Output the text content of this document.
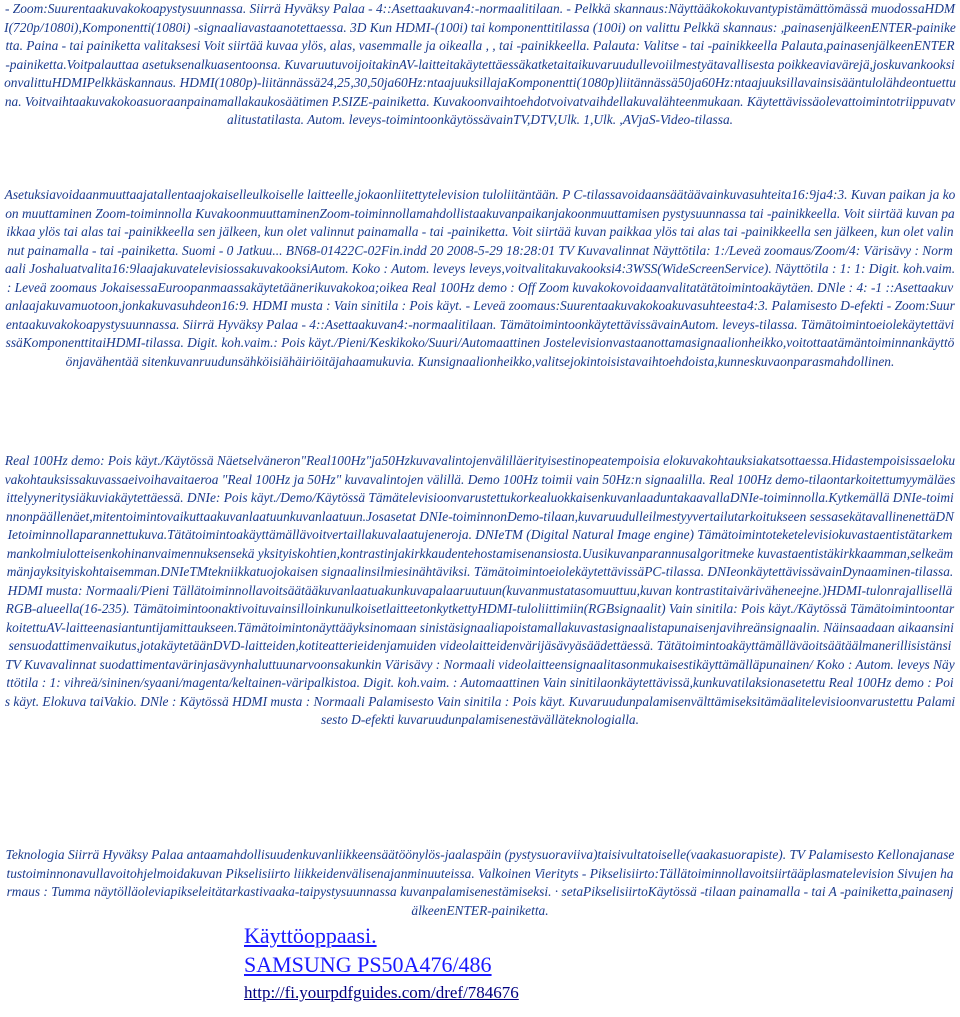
- Zoom:Suurentaakuvakokoapystysuunnassa. Siirrä Hyväksy Palaa - 4::Asettaakuvan4:-normaalitilaan. - Pelkkä skannaus:Näyttääkokokuvantypistämättömässä muodossaHDMI(720p/1080i),Komponentti(1080i) -signaaliavastaanotettaessa. 3D Kun HDMI-(100i) tai komponenttitilassa (100i) on valittu Pelkkä skannaus: ,painasenjälkeenENTER-painiketta. Paina - tai painiketta valitaksesi Voit siirtää kuvaa ylös, alas, vasemmalle ja oikealla , , tai -painikkeella. Palauta: Valitse - tai -painikkeella Palauta,painasenjälkeenENTER-painiketta.Voitpalauttaa asetuksenalkuasentoonsa. KuvaruutuvoijoitakinAV-laitteitakäytettäessäkatketaitaikuvaruudullevoiilmestyätavallisesta poikkeaviavärejä,joskuvankooksionvalittuHDMIPelkkäskannaus. HDMI(1080p)-liitännässä24,25,30,50ja60Hz:ntaajuuksillajaKomponentti(1080p)liitännässä50ja60Hz:ntaajuuksillavainsisääntulolähdeontuettuna. Voitvaihtaakuvakokoasuoraanpainamallakaukosäätimen P.SIZE-painiketta. Kuvakoonvaihtoehdotvoivatvaihdellakuvalähteenmukaan. Käytettävissäolevattoimintotriippuvatvalitustatilasta. Autom. leveys-toimintoonkäytössävainTV,DTV,Ulk. 1,Ulk. ,AVjaS-Video-tilassa.

Asetuksiavoidaanmuuttaajatallentaajokaiselleulkoiselle laitteelle,jokaonliitettytelevision tuloliitäntään. P C-tilassavoidaansäätäävainkuvasuhteita16:9ja4:3. Kuvan paikan ja koon muuttaminen Zoom-toiminnolla KuvakoonmuuttaminenZoom-toiminnollamahdollistaakuvanpaikanjakoonmuuttamisen pystysuunnassa tai -painikkeella. Voit siirtää kuvan paikkaa ylös tai alas tai -painikkeella sen jälkeen, kun olet valinnut painamalla - tai -painiketta. Voit siirtää kuvan paikkaa ylös tai alas tai -painikkeella sen jälkeen, kun olet valinnut painamalla - tai -painiketta. Suomi - 0 Jatkuu... BN68-01422C-02Fin.indd 20 2008-5-29 18:28:01 TV Kuvavalinnat Näyttötila: 1:/Leveä zoomaus/Zoom/4: Värisävy : Normaali Joshaluatvalita16:9laajakuvatelevisiossakuvakooksiAutom. Koko : Autom. leveys leveys,voitvalitakuvakooksi4:3WSS(WideScreenService). Näyttötila : 1: 1: Digit. koh.vaim. : Leveä zoomaus JokaisessaEuroopanmaassakäytetäänerikuvakokoa;oikea Real 100Hz demo : Off Zoom kuvakokovoidaanvalitatätätoimintoakäytäen. DNle : 4: -1 ::Asettaakuvanlaajakuvamuotoon,jonkakuvasuhdeon16:9. HDMI musta : Vain sinitila : Pois käyt. - Leveä zoomaus:Suurentaakuvakokoakuvasuhteesta4:3. Palamisesto D-efekti - Zoom:Suurentaakuvakokoapystysuunnassa. Siirrä Hyväksy Palaa - 4::Asettaakuvan4:-normaalitilaan. TämätoimintoonkäytettävissävainAutom. leveys-tilassa. TämätoimintoeiolekäytettävissäKomponenttitaiHDMI-tilassa. Digit. koh.vaim.: Pois käyt./Pieni/Keskikoko/Suuri/Automaattinen Jostelevisionvastaanottamasignaalionheikko,voitottaatämäntoiminnankäyttöönjavähentää sitenkuvanruudunsähköisiähäiriöitäjahaamukuvia. Kunsignaalionheikko,valitsejokintoisistavaihtoehdoista,kunneskuvaonparasmahdollinen.

Real 100Hz demo: Pois käyt./Käytössä Näetselväneron"Real100Hz"ja50Hzkuvavalintojenvälilläerityisestinopeatempoisia elokuvakohtauksiakatsottaessa.Hidastempoisissaelokuvakohtauksissakuvassaeivoihavaitaeroa "Real 100Hz ja 50Hz" kuvavalintojen välillä. Demo 100Hz toimii vain 50Hz:n signaalilla. Real 100Hz demo-tilaontarkoitettumyymäläesittelyyneritysiäkuviakäytettäessä. DNIe: Pois käyt./Demo/Käytössä TämätelevisioonvarustettukorkealuokkaisenkuvanlaaduntakaavallaDNIe-toiminnolla.Kytkemällä DNIe-toiminnonpäällenäet,mitentoimintovaikuttaakuvanlaatuunkuvanlaatuun.Josasetat DNIe-toiminnonDemo-tilaan,kuvaruudulleilmestyyvertailutarkoitukseen sessasekätavallinenettäDNIetoiminnollaparannettukuva.Tätätoimintoakäyttämällävoitvertaillakuvalaatujeneroja. DNIeTM (Digital Natural Image engine) Tämätoimintoteketelevisiokuvastaentistätarkemmankolmiulotteisenkohinanvaimennuksensekä yksityiskohtien,kontrastinjakirkkaudentehostamisenansiosta.Uusikuvanparannusalgoritmeke kuvastaentistäkirkkaamman,selkeämmänjayksityiskohtaisemman.DNIeTMtekniikkatuojokaisen signaalinsilmiesinähtäviksi. TämätoimintoeiolekäytettävissäPC-tilassa. DNIeonkäytettävissävainDynaaminen-tilassa. HDMI musta: Normaali/Pieni Tällätoiminnollavoitsäätääkuvanlaatuakunkuvapalaaruutuun(kuvanmustatasomuuttuu,kuvan kontrastitaiväriväheneejne.)HDMI-tulonrajalliselläRGB-alueella(16-235). TämätoimintoonaktivoituvainsilloinkunulkoisetlaitteetonkytkettyHDMI-tuloliittimiin(RGBsignaalit) Vain sinitila: Pois käyt./Käytössä TämätoimintoontarkoitettuAV-laitteenasiantuntijamittaukseen.Tämätoimintonäyttääyksinomaan sinistäsignaaliapoistamallakuvastasignaalistapunaisenjavihreänsignaalin. Näinsaadaan aikaansinisensuodattimenvaikutus,jotakäytetäänDVD-laitteiden,kotiteatterieidenjamuiden videolaitteidenvärijäsävyäsäädettäessä. Tätätoimintoakäyttämälläväoitsäätäälmanerillisistänsi TV Kuvavalinnat suodattimentavärinjasävynhaluttuunarvoonsakunkin Värisävy : Normaali videolaitteensignaalitasonmukaisestikäyttämälläpunainen/ Koko : Autom. leveys Näyttötila : 1: vihreä/sininen/syaani/magenta/keltainen-väripalkistoa. Digit. koh.vaim. : Automaattinen Vain sinitilaonkäytettävissä,kunkuvatilaksionasetettu Real 100Hz demo : Pois käyt. Elokuva taiVakio. DNle : Käytössä HDMI musta : Normaali Palamisesto Vain sinitila : Pois käyt. Kuvaruudunpalamisenvälttämiseksitämäalitelevisioonvarustettu Palamisesto D-efekti kuvaruudunpalamisenestävälläteknologialla.

Teknologia Siirrä Hyväksy Palaa antaamahdollisuudenkuvanliikkeensäätöönylös-jaalaspäin (pystysuoraviiva)taisivultatoiselle(vaakasuorapiste). TV Palamisesto Kellonajanasetustoiminnonavullavoitohjelmoidakuvan Pikselisiirto liikkeidenvälisenajanminuuteissa. Valkoinen Vierityts - Pikselisiirto:Tällätoiminnollavoitsiirtääplasmatelevision Sivujen harmaus : Tumma näytölläoleviapikseleitätarkastivaaka-taipystysuunnassa kuvanpalamisenestämiseksi. · setaPikselisiirtoKäytössä -tilaan painamalla - tai A -painiketta,painasenjälkeenENTER-painiketta.

Käyttöoppaasi.
SAMSUNG PS50A476/486
http://fi.yourpdfguides.com/dref/784676
